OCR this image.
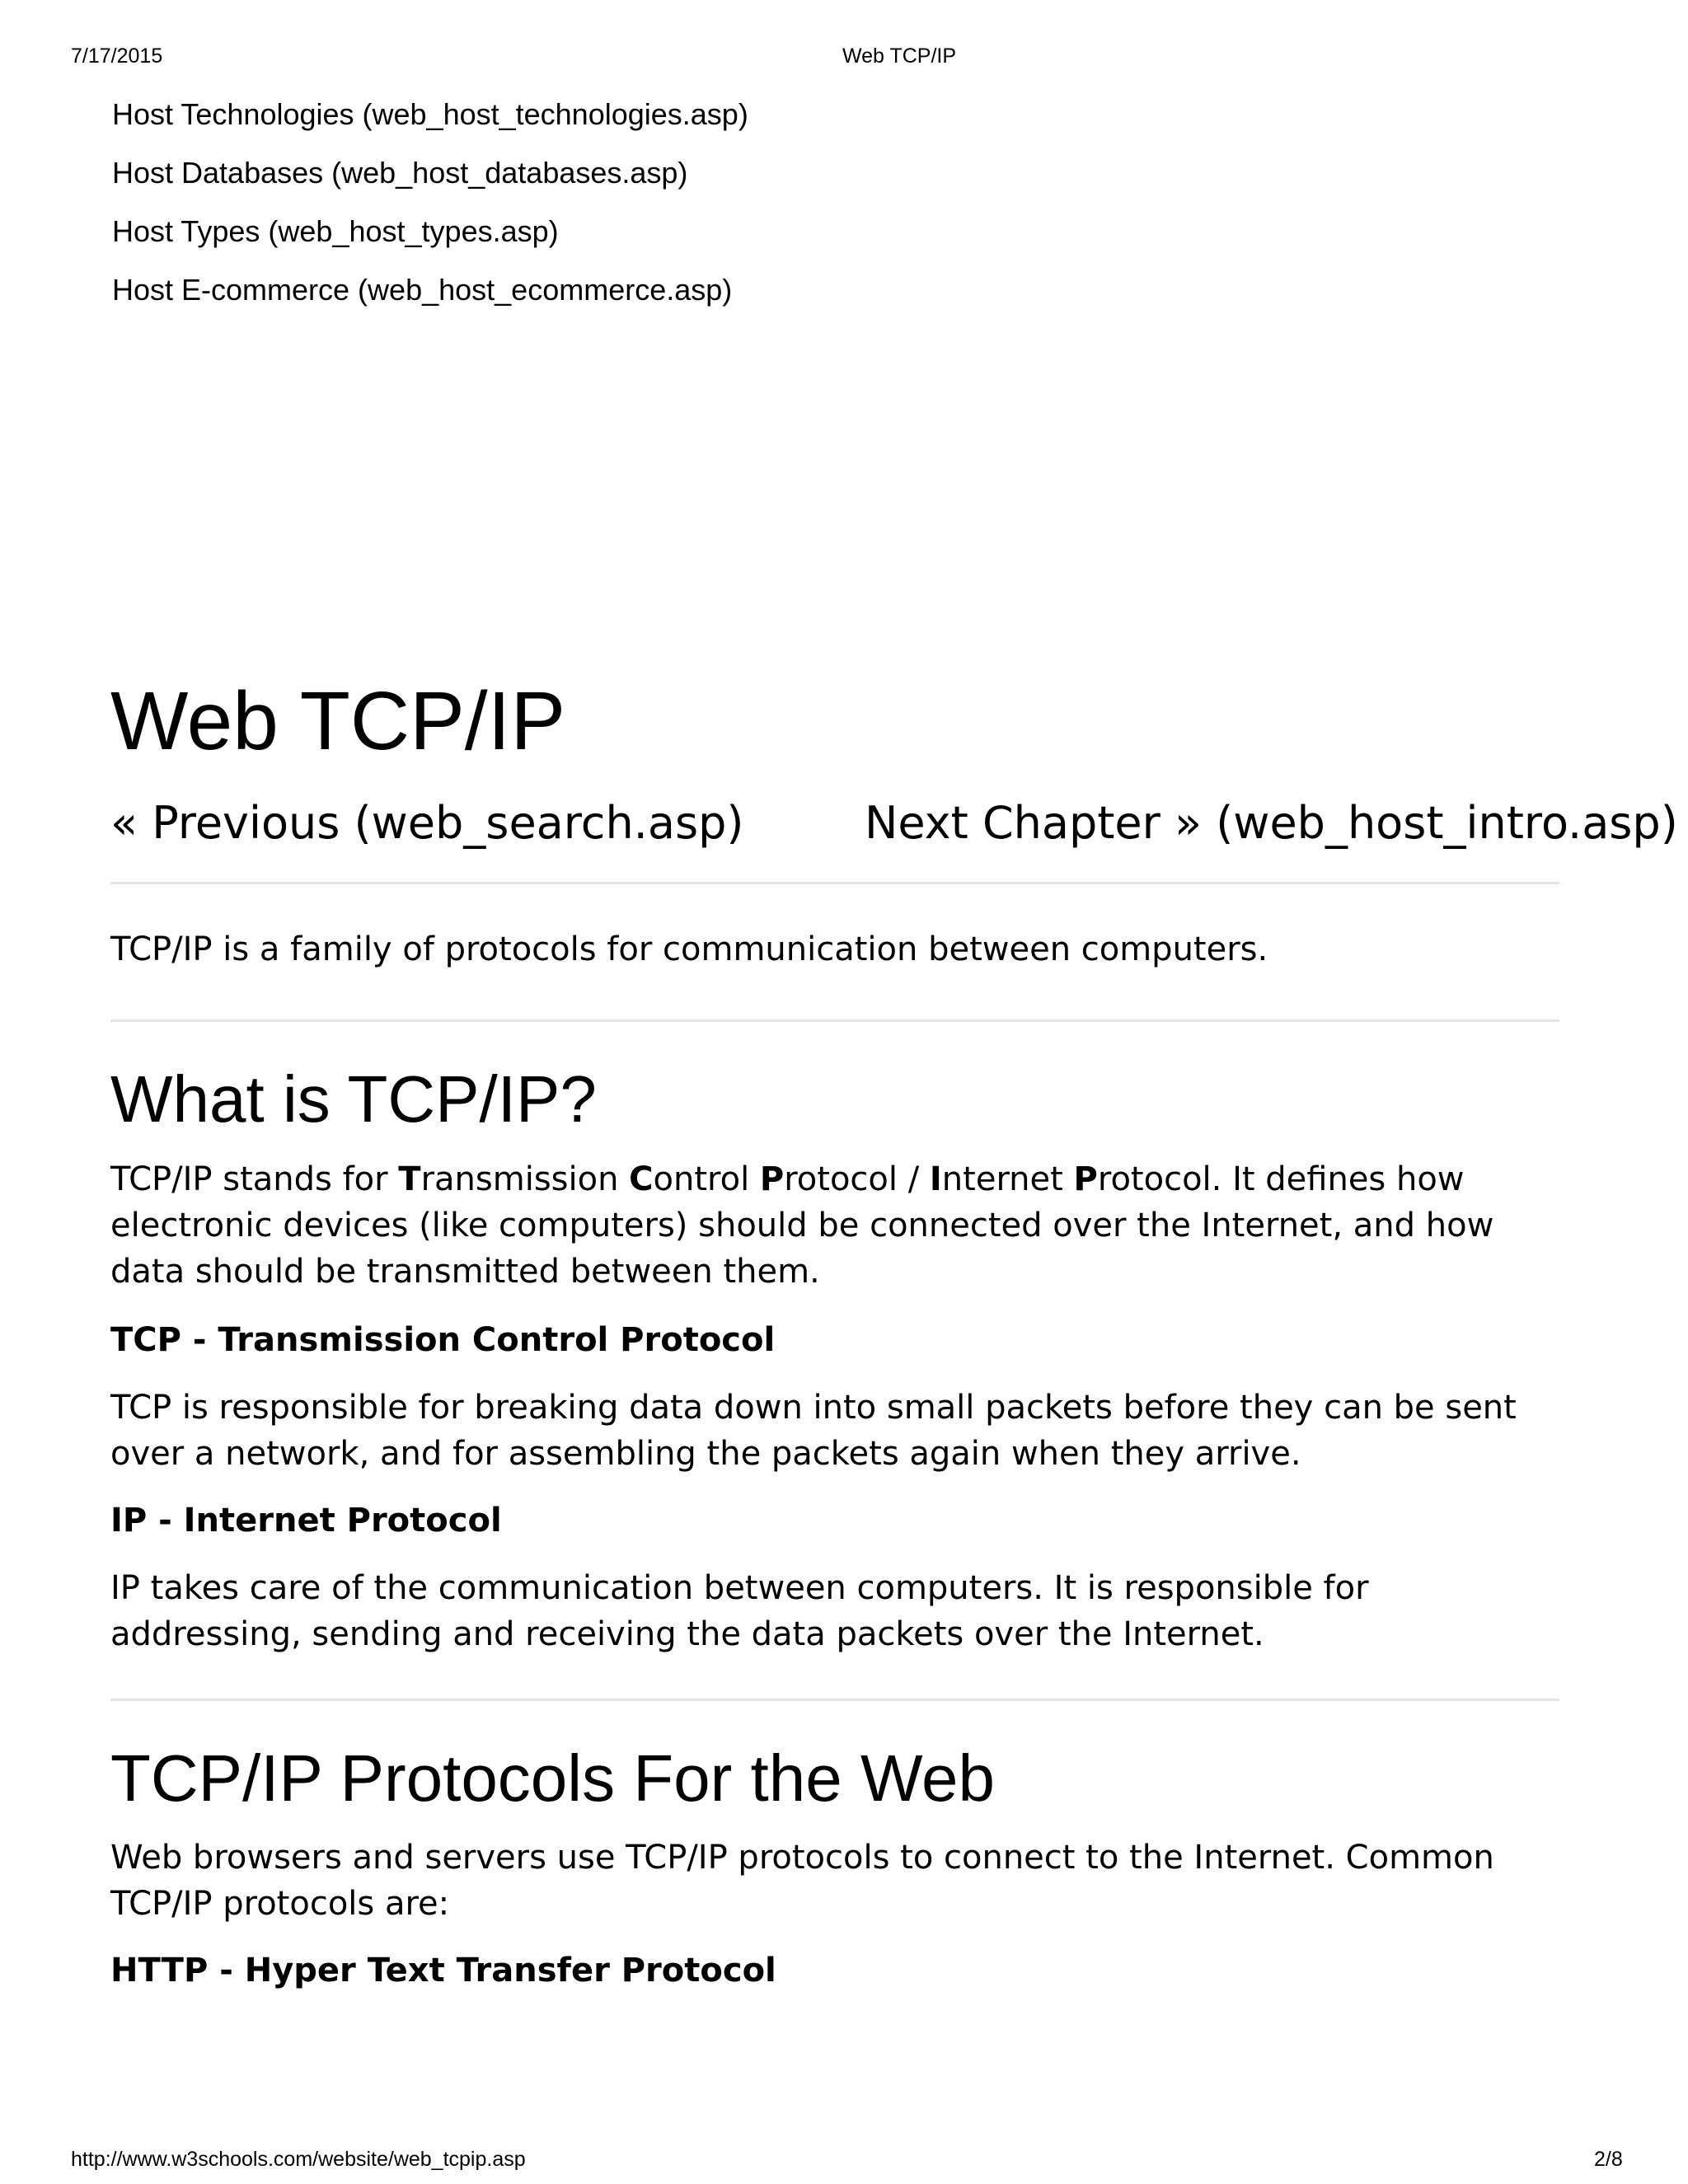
7/17/2015	Web TCP/IP
Host Technologies (web_host_technologies.asp)
Host Databases (web_host_databases.asp)
Host Types (web_host_types.asp)
Host E-commerce (web_host_ecommerce.asp)
Web TCP/IP
« Previous (web_search.asp)	Next Chapter » (web_host_intro.asp)

TCP/IP is a family of protocols for communication between computers.

What is TCP/IP?

TCP/IP stands for Transmission Control Protocol / Internet Protocol. It defines how electronic devices (like computers) should be connected over the Internet, and how data should be transmitted between them.

TCP - Transmission Control Protocol

TCP is responsible for breaking data down into small packets before they can be sent over a network, and for assembling the packets again when they arrive.

IP - Internet Protocol

IP takes care of the communication between computers. It is responsible for addressing, sending and receiving the data packets over the Internet.

TCP/IP Protocols For the Web

Web browsers and servers use TCP/IP protocols to connect to the Internet. Common TCP/IP protocols are:

HTTP - Hyper Text Transfer Protocol
http://www.w3schools.com/website/web_tcpip.asp	2/8
